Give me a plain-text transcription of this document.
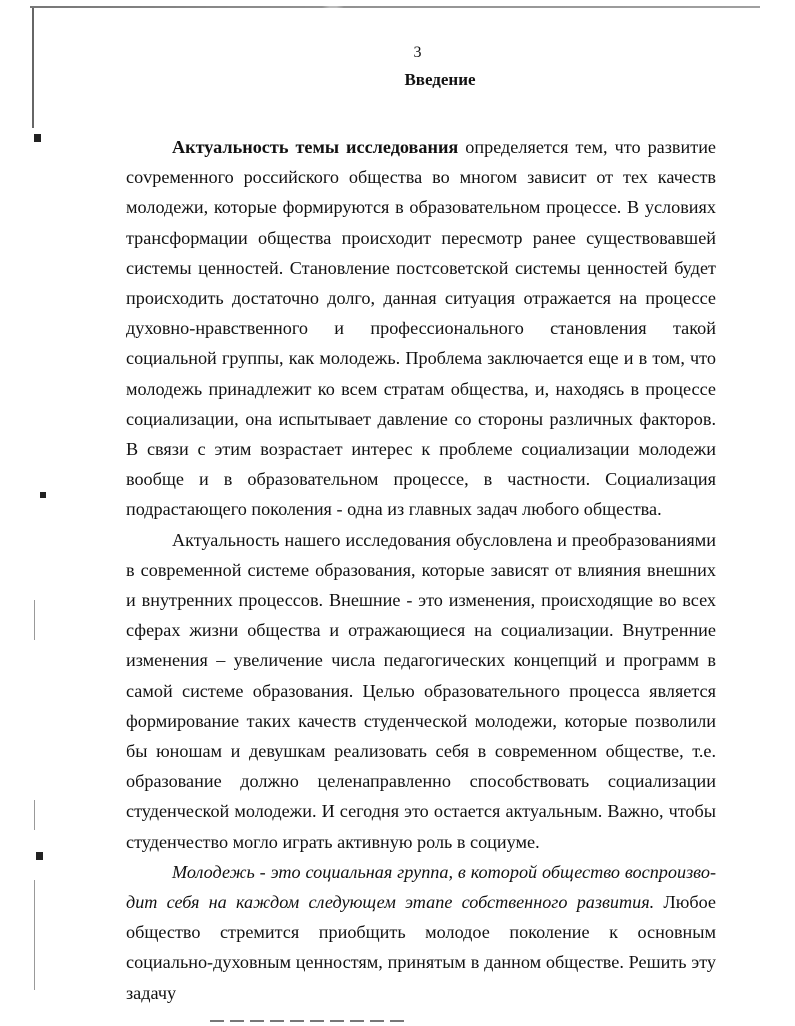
3
Введение

Актуальность темы исследования определяется тем, что развитие соvременного российского общества во многом зависит от тех качеств молодежи, которые формируются в образовательном процессе. В условиях трансформации общества происходит пересмотр ранее существовавшей системы ценностей. Становление постсоветской системы ценностей будет происходить достаточно долго, данная ситуация отражается на процессе духовно-нравственного и профессионального становления такой социальной группы, как молодежь. Проблема заключается еще и в том, что молодежь принадлежит ко всем стратам общества, и, находясь в процессе социализации, она испытывает давление со стороны различных факторов. В связи с этим возрастает интерес к проблеме социализации молодежи вообще и в образовательном процессе, в частности. Социализация подрастающего поколения - одна из главных задач любого общества.

Актуальность нашего исследования обусловлена и преобразованиями в современной системе образования, которые зависят от влияния внешних и внутренних процессов. Внешние - это изменения, происходящие во всех сферах жизни общества и отражающиеся на социализации. Внутренние изменения – увеличение числа педагогических концепций и программ в самой системе образования. Целью образовательного процесса является формирование таких качеств студенческой молодежи, которые позволили бы юношам и девушкам реализовать себя в современном обществе, т.е. образование должно целенаправленно способствовать социализации студенческой молодежи. И сегодня это остается актуальным. Важно, чтобы студенчество могло играть активную роль в социуме.

Молодежь - это социальная группа, в которой общество воспроизводит себя на каждом следующем этапе собственного развития. Любое общество стремится приобщить молодое поколение к основным социально-духовным ценностям, принятым в данном обществе. Решить эту задачу
